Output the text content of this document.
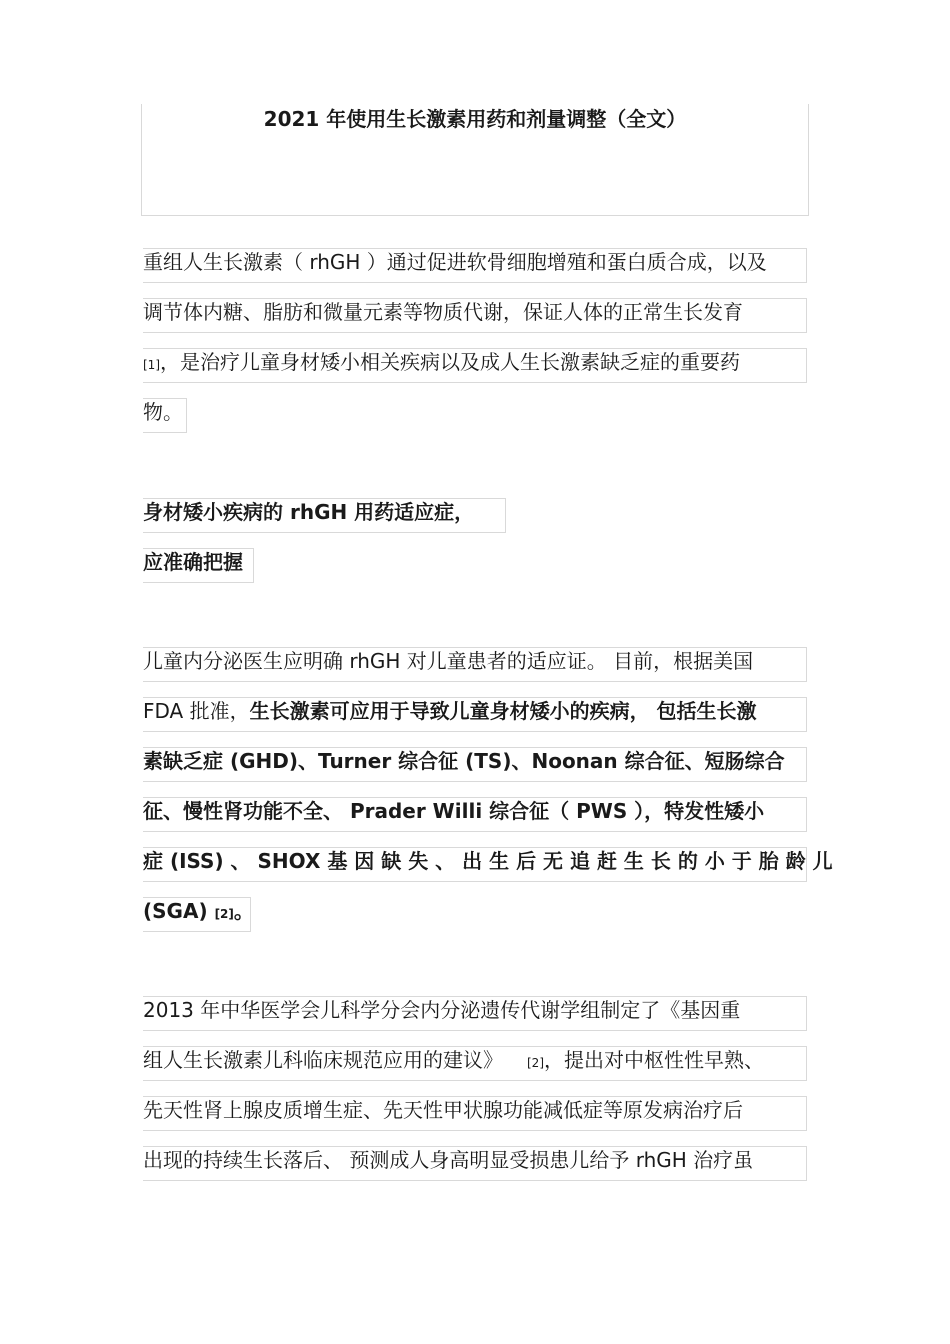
2021 年使用生长激素用药和剂量调整（全文）
重组人生长激素（ rhGH ）通过促进软骨细胞增殖和蛋白质合成，以及
调节体内糖、脂肪和微量元素等物质代谢，保证人体的正常生长发育
[1]，是治疗儿童身材矮小相关疾病以及成人生长激素缺乏症的重要药
物。
身材矮小疾病的 rhGH 用药适应症，
应准确把握
儿童内分泌医生应明确 rhGH 对儿童患者的适应证。 目前，根据美国
FDA 批准，生长激素可应用于导致儿童身材矮小的疾病， 包括生长激
素缺乏症 (GHD)、Turner 综合征 (TS)、Noonan 综合征、短肠综合
征、慢性肾功能不全、 Prader Willi 综合征（ PWS ），特发性矮小
症 (ISS) 、 SHOX 基 因 缺 失 、 出 生 后 无 追 赶 生 长 的 小 于 胎 龄 儿
(SGA) [2]。
2013 年中华医学会儿科学分会内分泌遗传代谢学组制定了《基因重
组人生长激素儿科临床规范应用的建议》 [2]，提出对中枢性性早熟、
先天性肾上腺皮质增生症、先天性甲状腺功能减低症等原发病治疗后
出现的持续生长落后、 预测成人身高明显受损患儿给予 rhGH 治疗虽
